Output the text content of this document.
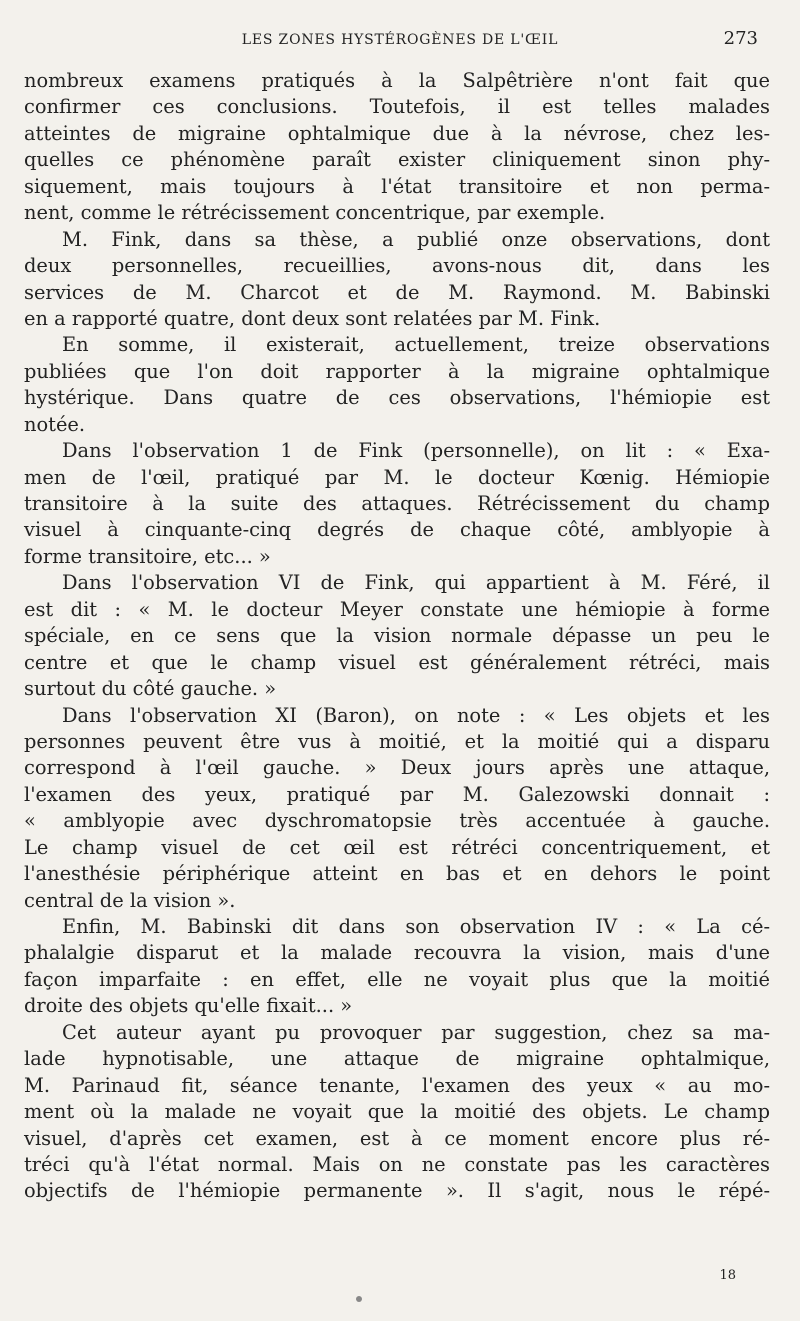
LES ZONES HYSTÉROGÈNES DE L'ŒIL	273
nombreux examens pratiqués à la Salpêtrière n'ont fait que
confirmer ces conclusions. Toutefois, il est telles malades
atteintes de migraine ophtalmique due à la névrose, chez les-
quelles ce phénomène paraît exister cliniquement sinon phy-
siquement, mais toujours à l'état transitoire et non perma-
nent, comme le rétrécissement concentrique, par exemple.
M. Fink, dans sa thèse, a publié onze observations, dont
deux personnelles, recueillies, avons-nous dit, dans les
services de M. Charcot et de M. Raymond. M. Babinski
en a rapporté quatre, dont deux sont relatées par M. Fink.
En somme, il existerait, actuellement, treize observations
publiées que l'on doit rapporter à la migraine ophtalmique
hystérique. Dans quatre de ces observations, l'hémiopie est
notée.
Dans l'observation 1 de Fink (personnelle), on lit : « Exa-
men de l'œil, pratiqué par M. le docteur Kœnig. Hémiopie
transitoire à la suite des attaques. Rétrécissement du champ
visuel à cinquante-cinq degrés de chaque côté, amblyopie à
forme transitoire, etc... »
Dans l'observation VI de Fink, qui appartient à M. Féré, il
est dit : « M. le docteur Meyer constate une hémiopie à forme
spéciale, en ce sens que la vision normale dépasse un peu le
centre et que le champ visuel est généralement rétréci, mais
surtout du côté gauche. »
Dans l'observation XI (Baron), on note : « Les objets et les
personnes peuvent être vus à moitié, et la moitié qui a disparu
correspond à l'œil gauche. » Deux jours après une attaque,
l'examen des yeux, pratiqué par M. Galezowski donnait :
« amblyopie avec dyschromatopsie très accentuée à gauche.
Le champ visuel de cet œil est rétréci concentriquement, et
l'anesthésie périphérique atteint en bas et en dehors le point
central de la vision ».
Enfin, M. Babinski dit dans son observation IV : « La cé-
phalalgie disparut et la malade recouvra la vision, mais d'une
façon imparfaite : en effet, elle ne voyait plus que la moitié
droite des objets qu'elle fixait... »
Cet auteur ayant pu provoquer par suggestion, chez sa ma-
lade hypnotisable, une attaque de migraine ophtalmique,
M. Parinaud fit, séance tenante, l'examen des yeux « au mo-
ment où la malade ne voyait que la moitié des objets. Le champ
visuel, d'après cet examen, est à ce moment encore plus ré-
tréci qu'à l'état normal. Mais on ne constate pas les caractères
objectifs de l'hémiopie permanente ». Il s'agit, nous le répé-
18
